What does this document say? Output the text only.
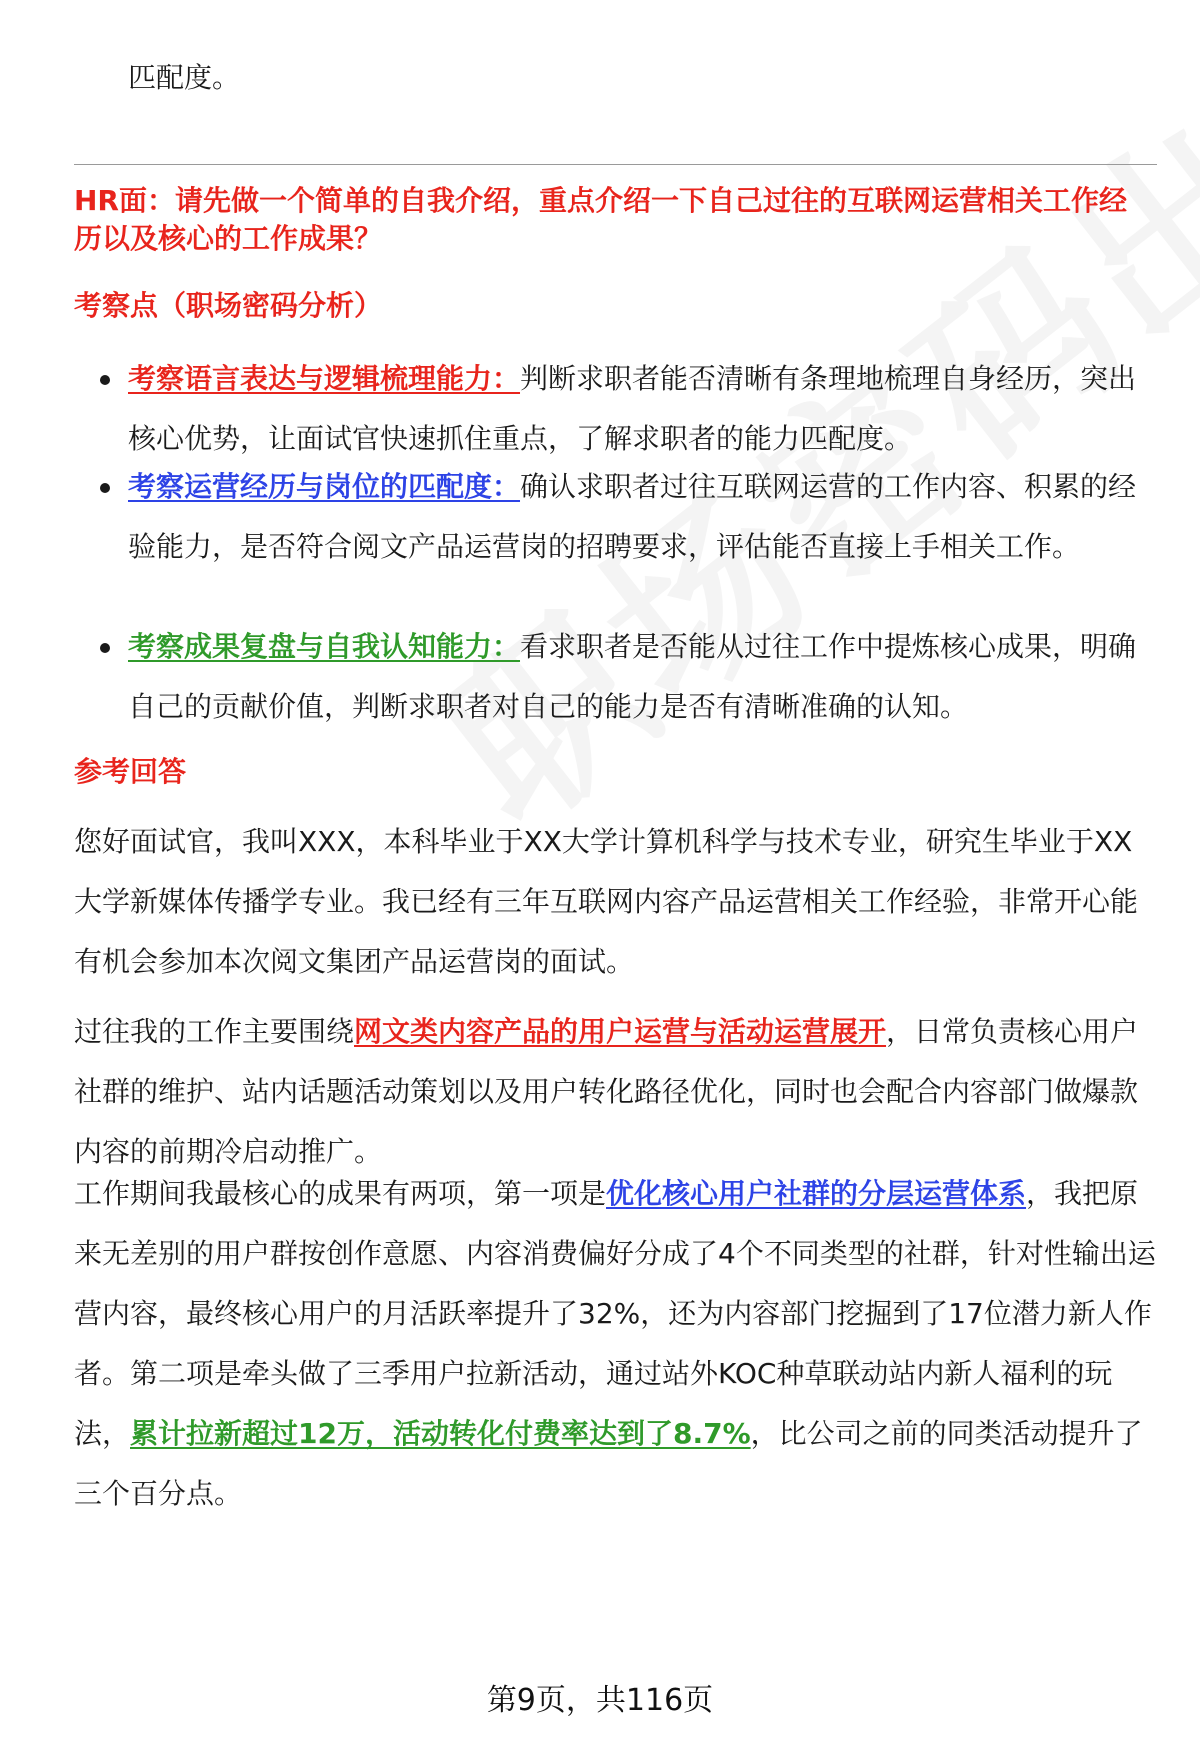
匹配度。
HR面：请先做一个简单的自我介绍，重点介绍一下自己过往的互联网运营相关工作经历以及核心的工作成果？
考察点（职场密码分析）
考察语言表达与逻辑梳理能力：判断求职者能否清晰有条理地梳理自身经历，突出核心优势，让面试官快速抓住重点，了解求职者的能力匹配度。
考察运营经历与岗位的匹配度：确认求职者过往互联网运营的工作内容、积累的经验能力，是否符合阅文产品运营岗的招聘要求，评估能否直接上手相关工作。
考察成果复盘与自我认知能力：看求职者是否能从过往工作中提炼核心成果，明确自己的贡献价值，判断求职者对自己的能力是否有清晰准确的认知。
参考回答
您好面试官，我叫XXX，本科毕业于XX大学计算机科学与技术专业，研究生毕业于XX大学新媒体传播学专业。我已经有三年互联网内容产品运营相关工作经验，非常开心能有机会参加本次阅文集团产品运营岗的面试。
过往我的工作主要围绕网文类内容产品的用户运营与活动运营展开，日常负责核心用户社群的维护、站内话题活动策划以及用户转化路径优化，同时也会配合内容部门做爆款内容的前期冷启动推广。
工作期间我最核心的成果有两项，第一项是优化核心用户社群的分层运营体系，我把原来无差别的用户群按创作意愿、内容消费偏好分成了4个不同类型的社群，针对性输出运营内容，最终核心用户的月活跃率提升了32%，还为内容部门挖掘到了17位潜力新人作者。第二项是牵头做了三季用户拉新活动，通过站外KOC种草联动站内新人福利的玩法，累计拉新超过12万，活动转化付费率达到了8.7%，比公司之前的同类活动提升了三个百分点。
第9页，共116页
